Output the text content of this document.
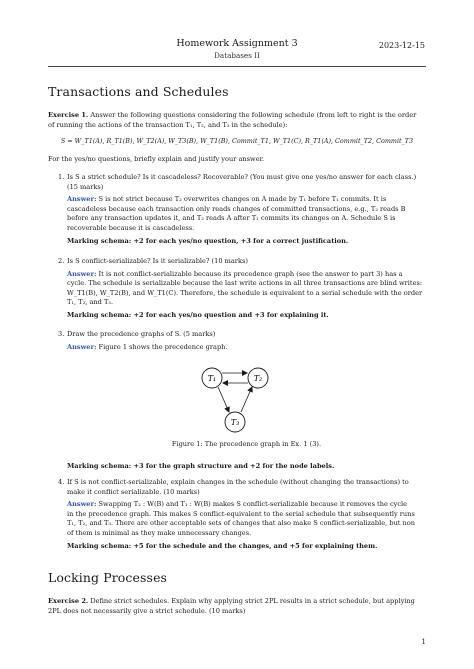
Homework Assignment 3
Databases II
2023-12-15
Transactions and Schedules
Exercise 1. Answer the following questions considering the following schedule (from left to right is the order
of running the actions of the transaction T₁, T₂, and T₃ in the schedule):
S = W_T1(A), R_T1(B), W_T2(A), W_T3(B), W_T1(B), Commit_T1, W_T1(C), R_T1(A), Commit_T2, Commit_T3
For the yes/no questions, briefly explain and justify your answer.
1. Is S a strict schedule? Is it cascadeless? Recoverable? (You must give one yes/no answer for each class.)
(15 marks)
Answer: S is not strict because T₂ overwrites changes on A made by T₁ before T₁ commits. It is
cascadeless because each transaction only reads changes of committed transactions, e.g., T₂ reads B
before any transaction updates it, and T₂ reads A after T₁ commits its changes on A. Schedule S is
recoverable because it is cascadeless.
Marking schema: +2 for each yes/no question, +3 for a correct justification.
2. Is S conflict-serializable? Is it serializable? (10 marks)
Answer: It is not conflict-serializable because its precedence graph (see the answer to part 3) has a
cycle. The schedule is serializable because the last write actions in all three transactions are blind writes:
W_T1(B), W_T2(B), and W_T1(C). Therefore, the schedule is equivalent to a serial schedule with the order
T₁, T₂, and T₃.
Marking schema: +2 for each yes/no question and +3 for explaining it.
3. Draw the precedence graphs of S. (5 marks)
Answer: Figure 1 shows the precedence graph.
T₁	T₂
T₃
Figure 1: The precedence graph in Ex. 1 (3).
Marking schema: +3 for the graph structure and +2 for the node labels.
4. If S is not conflict-serializable, explain changes in the schedule (without changing the transactions) to
make it conflict serializable. (10 marks)
Answer: Swapping T₂ : W(B) and T₁ : W(B) makes S conflict-serializable because it removes the cycle
in the precedence graph. This makes S conflict-equivalent to the serial schedule that subsequently runs
T₁, T₂, and T₃. There are other acceptable sets of changes that also make S conflict-serializable, but non
of them is minimal as they make unnecessary changes.
Marking schema: +5 for the schedule and the changes, and +5 for explaining them.
Locking Processes
Exercise 2. Define strict schedules. Explain why applying strict 2PL results in a strict schedule, but applying
2PL does not necessarily give a strict schedule. (10 marks)
1
